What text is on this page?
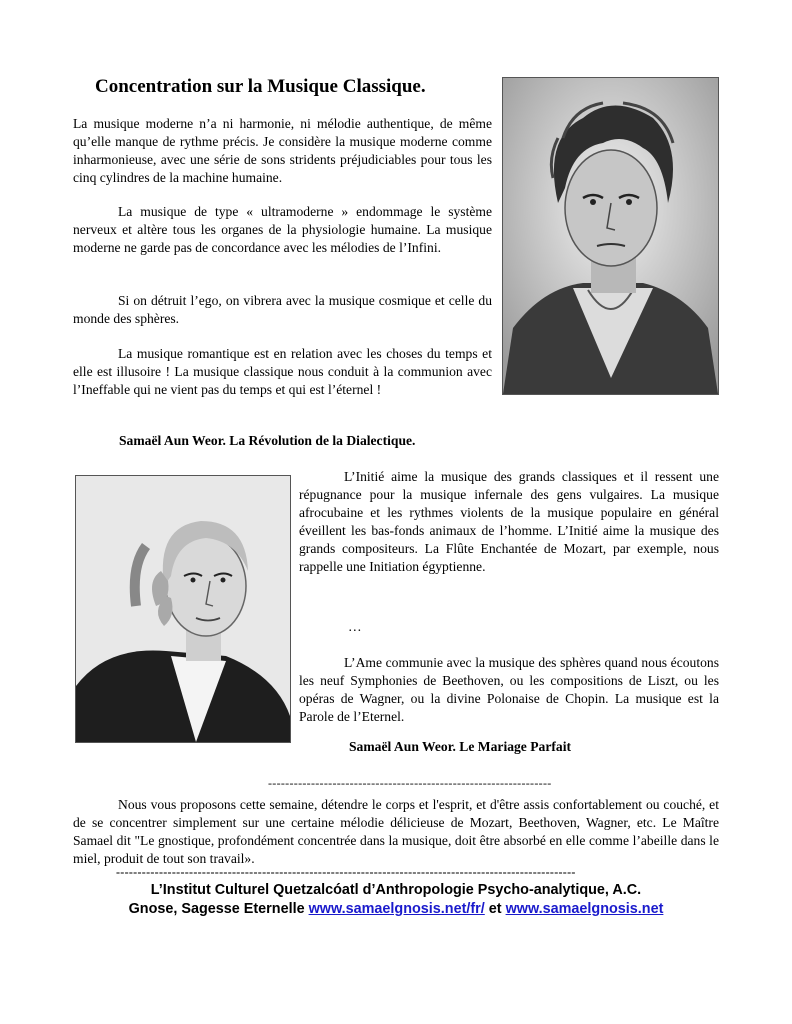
Concentration sur la Musique Classique.

La musique moderne n’a ni harmonie, ni mélodie authentique, de même qu’elle manque de rythme précis. Je considère la musique moderne comme inharmonieuse, avec une série de sons stridents préjudiciables pour tous les cinq cylindres de la machine humaine.

La musique de type « ultramoderne » endommage le système nerveux et altère tous les organes de la physiologie humaine. La musique moderne ne garde pas de concordance avec les mélodies de l’Infini.

Si on détruit l’ego, on vibrera avec la musique cosmique et celle du monde des sphères.

La musique romantique est en relation avec les choses du temps et elle est illusoire ! La musique classique nous conduit à la communion avec l’Ineffable qui ne vient pas du temps et qui est l’éternel !

Samaël Aun Weor. La Révolution de la Dialectique.

L’Initié aime la musique des grands classiques et il ressent une répugnance pour la musique infernale des gens vulgaires. La musique afrocubaine et les rythmes violents de la musique populaire en général éveillent les bas-fonds animaux de l’homme. L’Initié aime la musique des grands compositeurs. La Flûte Enchantée de Mozart, par exemple, nous rappelle une Initiation égyptienne.

…

L’Ame communie avec la musique des sphères quand nous écoutons les neuf Symphonies de Beethoven, ou les compositions de Liszt, ou les opéras de Wagner, ou la divine Polonaise de Chopin. La musique est la Parole de l’Eternel.

Samaël Aun Weor. Le Mariage Parfait
------------------------------------------------------------------

Nous vous proposons cette semaine, détendre le corps et l'esprit, et d'être assis confortablement ou couché, et de se concentrer simplement sur une certaine mélodie délicieuse de Mozart, Beethoven, Wagner, etc. Le Maître Samael dit "Le gnostique, profondément concentrée dans la musique, doit être absorbé en elle comme l’abeille dans le miel, produit de tout son travail».

-----------------------------------------------------------------------------------------------------------
L’Institut Culturel Quetzalcóatl d’Anthropologie Psycho-analytique, A.C.
Gnose, Sagesse Eternelle www.samaelgnosis.net/fr/ et www.samaelgnosis.net
